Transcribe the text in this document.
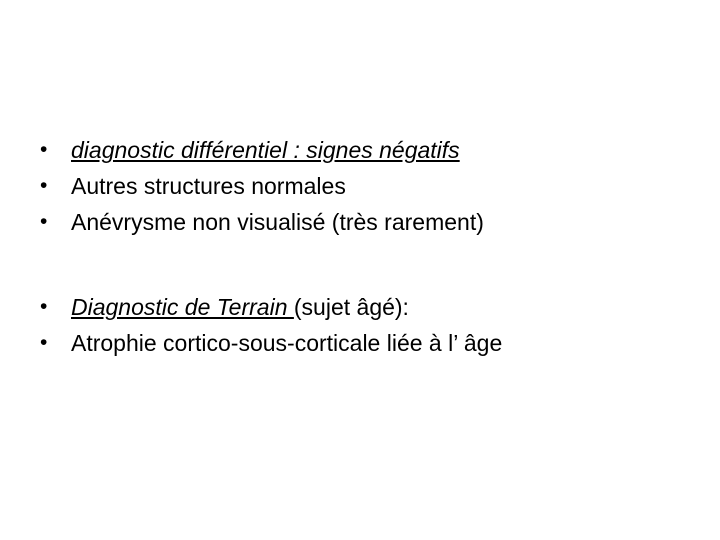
• diagnostic différentiel : signes négatifs
• Autres structures normales
• Anévrysme non visualisé (très rarement)
• Diagnostic de Terrain (sujet âgé):
• Atrophie cortico-sous-corticale liée à l’ âge
